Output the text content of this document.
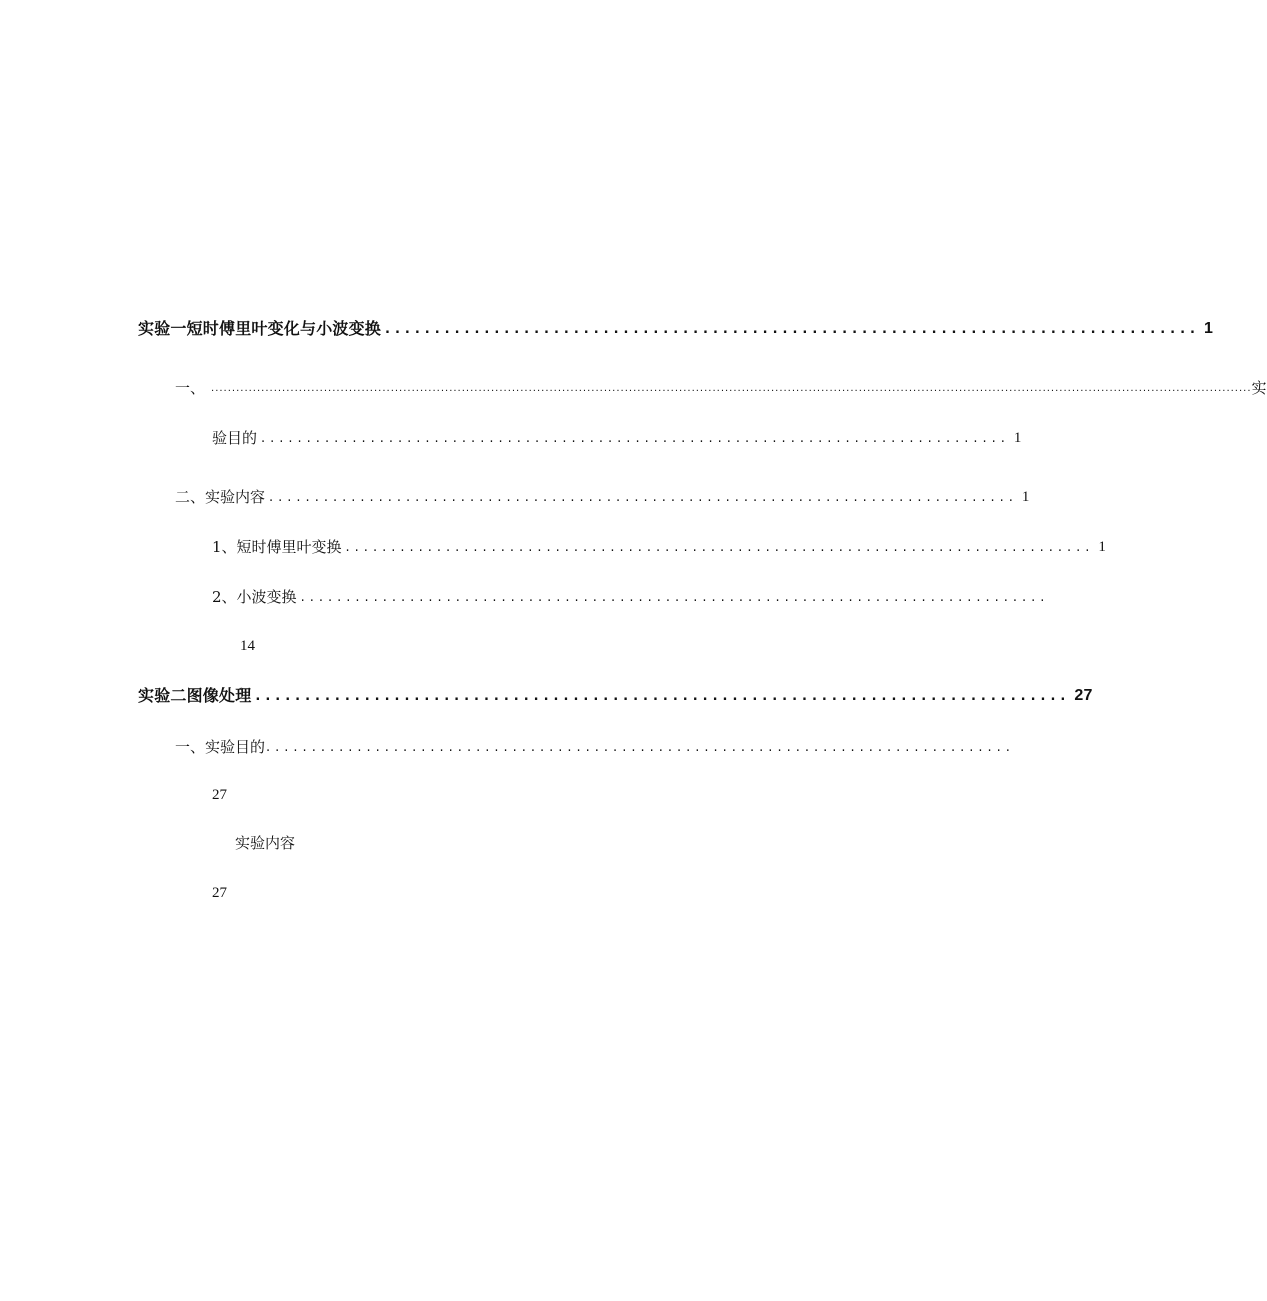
实验一短时傅里叶变化与小波变换 .................................................................................. 1
一、 ......................................................................................................................................................................................................................................................... 实
验目的 .................................................................................. 1
二、 实验内容 .................................................................................. 1
1、短时傅里叶变换 .................................................................................. 1
2、 小波变换 ..................................................................................
14
实验二图像处理 .................................................................................. 27
一、 实验目的 ..................................................................................
27
实验内容
27
